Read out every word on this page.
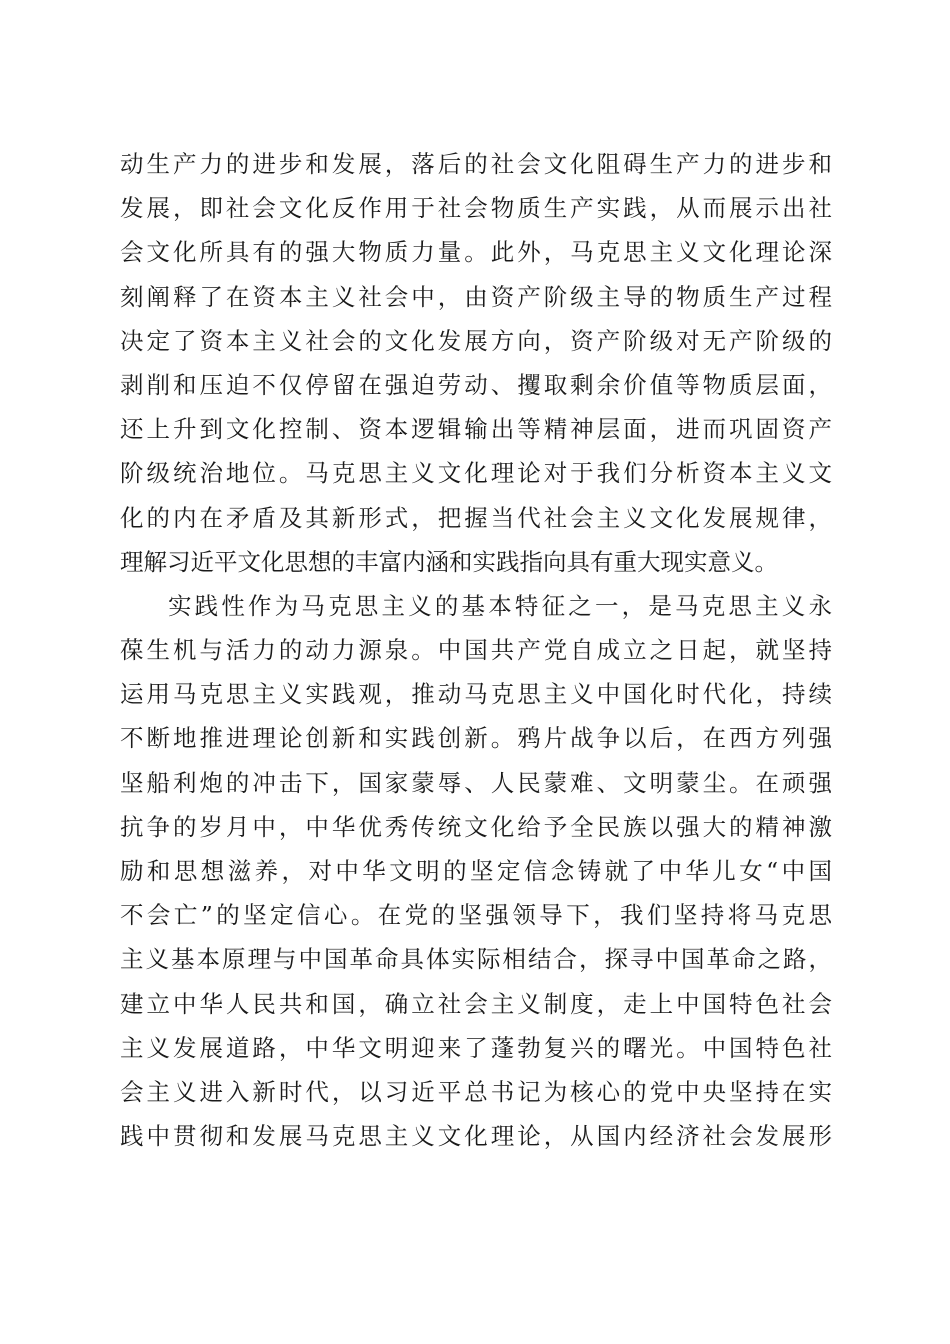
动生产力的进步和发展，落后的社会文化阻碍生产力的进步和
发展，即社会文化反作用于社会物质生产实践，从而展示出社
会文化所具有的强大物质力量。此外，马克思主义文化理论深
刻阐释了在资本主义社会中，由资产阶级主导的物质生产过程
决定了资本主义社会的文化发展方向，资产阶级对无产阶级的
剥削和压迫不仅停留在强迫劳动、攫取剩余价值等物质层面，
还上升到文化控制、资本逻辑输出等精神层面，进而巩固资产
阶级统治地位。马克思主义文化理论对于我们分析资本主义文
化的内在矛盾及其新形式，把握当代社会主义文化发展规律，
理解习近平文化思想的丰富内涵和实践指向具有重大现实意义。
实践性作为马克思主义的基本特征之一，是马克思主义永
葆生机与活力的动力源泉。中国共产党自成立之日起，就坚持
运用马克思主义实践观，推动马克思主义中国化时代化，持续
不断地推进理论创新和实践创新。鸦片战争以后，在西方列强
坚船利炮的冲击下，国家蒙辱、人民蒙难、文明蒙尘。在顽强
抗争的岁月中，中华优秀传统文化给予全民族以强大的精神激
励和思想滋养，对中华文明的坚定信念铸就了中华儿女“中国
不会亡”的坚定信心。在党的坚强领导下，我们坚持将马克思
主义基本原理与中国革命具体实际相结合，探寻中国革命之路，
建立中华人民共和国，确立社会主义制度，走上中国特色社会
主义发展道路，中华文明迎来了蓬勃复兴的曙光。中国特色社
会主义进入新时代，以习近平总书记为核心的党中央坚持在实
践中贯彻和发展马克思主义文化理论，从国内经济社会发展形
